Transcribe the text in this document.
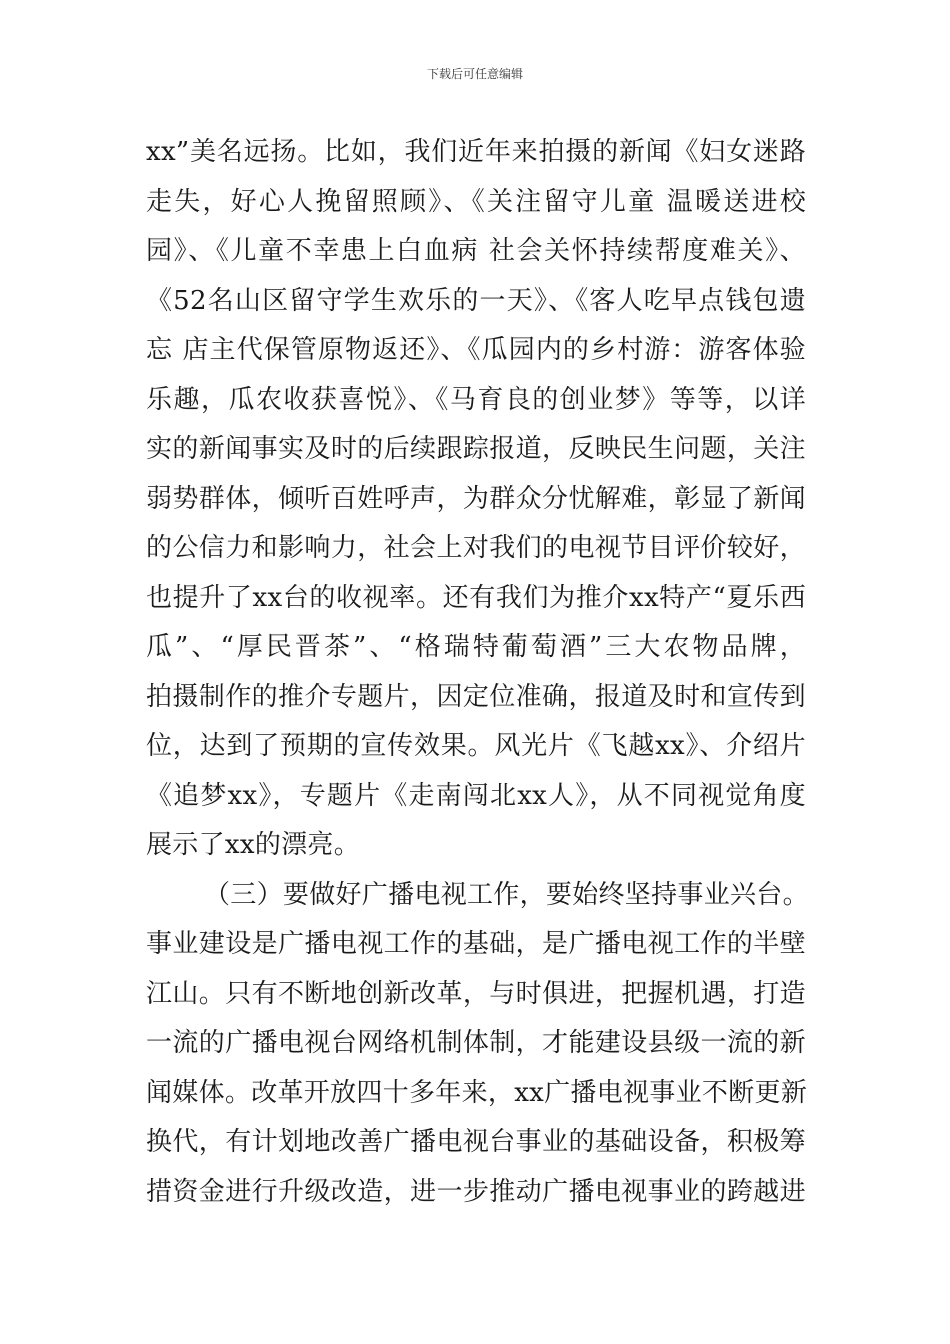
下载后可任意编辑
xx”美名远扬。比如，我们近年来拍摄的新闻《妇女迷路
走失，好心人挽留照顾》、《关注留守儿童 温暖送进校
园》、《儿童不幸患上白血病 社会关怀持续帮度难关》、
《52名山区留守学生欢乐的一天》、《客人吃早点钱包遗
忘 店主代保管原物返还》、《瓜园内的乡村游：游客体验
乐趣，瓜农收获喜悦》、《马育良的创业梦》等等，以详
实的新闻事实及时的后续跟踪报道，反映民生问题，关注
弱势群体，倾听百姓呼声，为群众分忧解难，彰显了新闻
的公信力和影响力，社会上对我们的电视节目评价较好，
也提升了xx台的收视率。还有我们为推介xx特产“夏乐西
瓜”、“厚民晋茶”、“格瑞特葡萄酒”三大农物品牌，
拍摄制作的推介专题片，因定位准确，报道及时和宣传到
位，达到了预期的宣传效果。风光片《飞越xx》、介绍片
《追梦xx》，专题片《走南闯北xx人》，从不同视觉角度
展示了xx的漂亮。
（三）要做好广播电视工作，要始终坚持事业兴台。
事业建设是广播电视工作的基础，是广播电视工作的半壁
江山。只有不断地创新改革，与时俱进，把握机遇，打造
一流的广播电视台网络机制体制，才能建设县级一流的新
闻媒体。改革开放四十多年来，xx广播电视事业不断更新
换代，有计划地改善广播电视台事业的基础设备，积极筹
措资金进行升级改造，进一步推动广播电视事业的跨越进
